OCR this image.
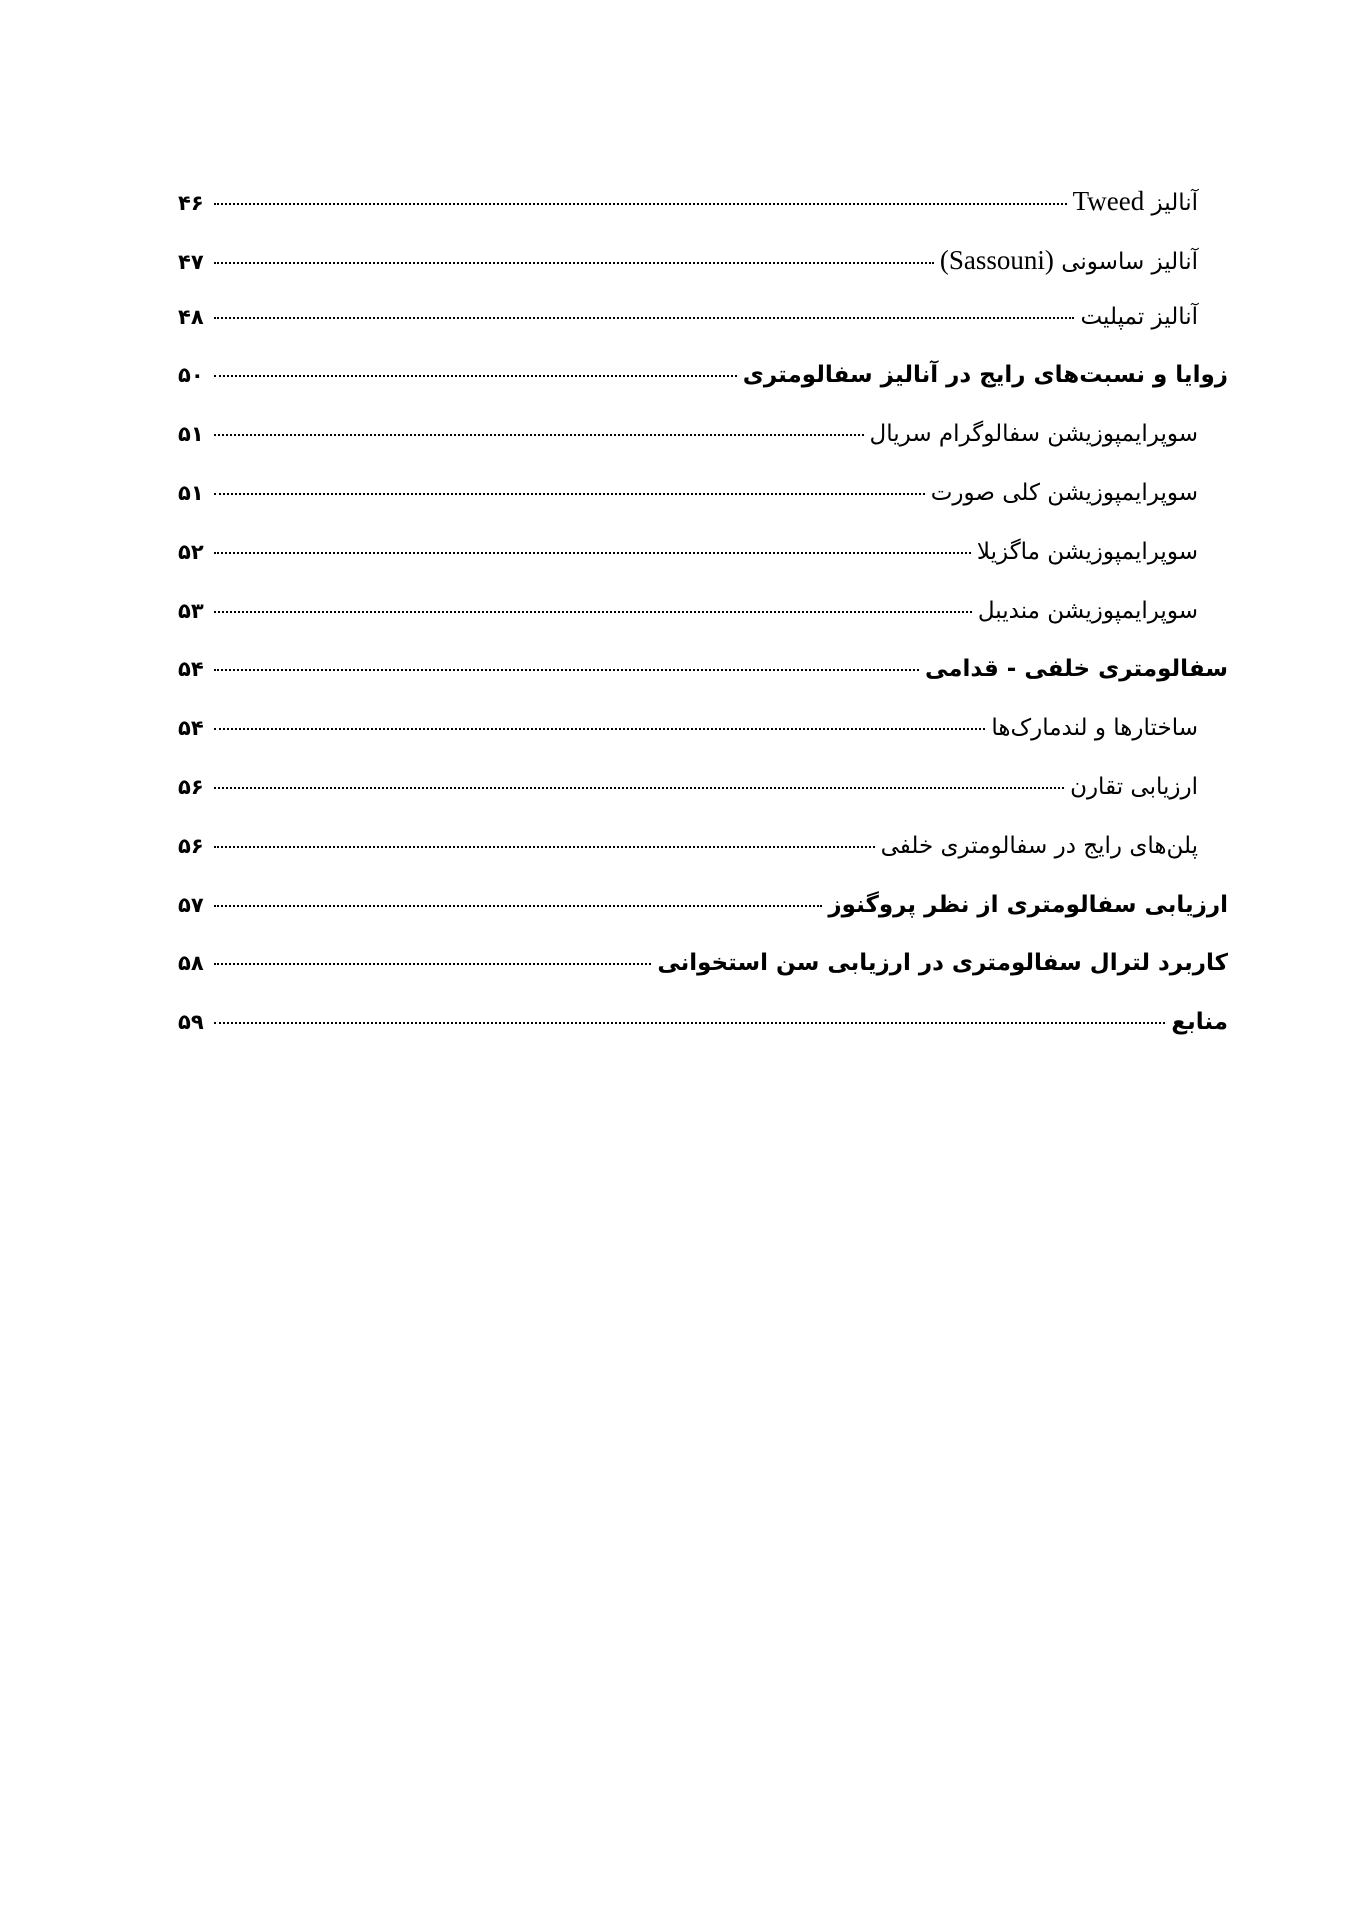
آنالیز Tweed
۴۶
آنالیز ساسونی (Sassouni)
۴۷
آنالیز تمپلیت
۴۸
زوایا و نسبت‌های رایج در آنالیز سفالومتری
۵۰
سوپرایمپوزیشن سفالوگرام سریال
۵۱
سوپرایمپوزیشن کلی صورت
۵۱
سوپرایمپوزیشن ماگزیلا
۵۲
سوپرایمپوزیشن مندیبل
۵۳
سفالومتری خلفی - قدامی
۵۴
ساختارها و لندمارک‌ها
۵۴
ارزیابی تقارن
۵۶
پلن‌های رایج در سفالومتری خلفی
۵۶
ارزیابی سفالومتری از نظر پروگنوز
۵۷
کاربرد لترال سفالومتری در ارزیابی سن استخوانی
۵۸
منابع
۵۹
